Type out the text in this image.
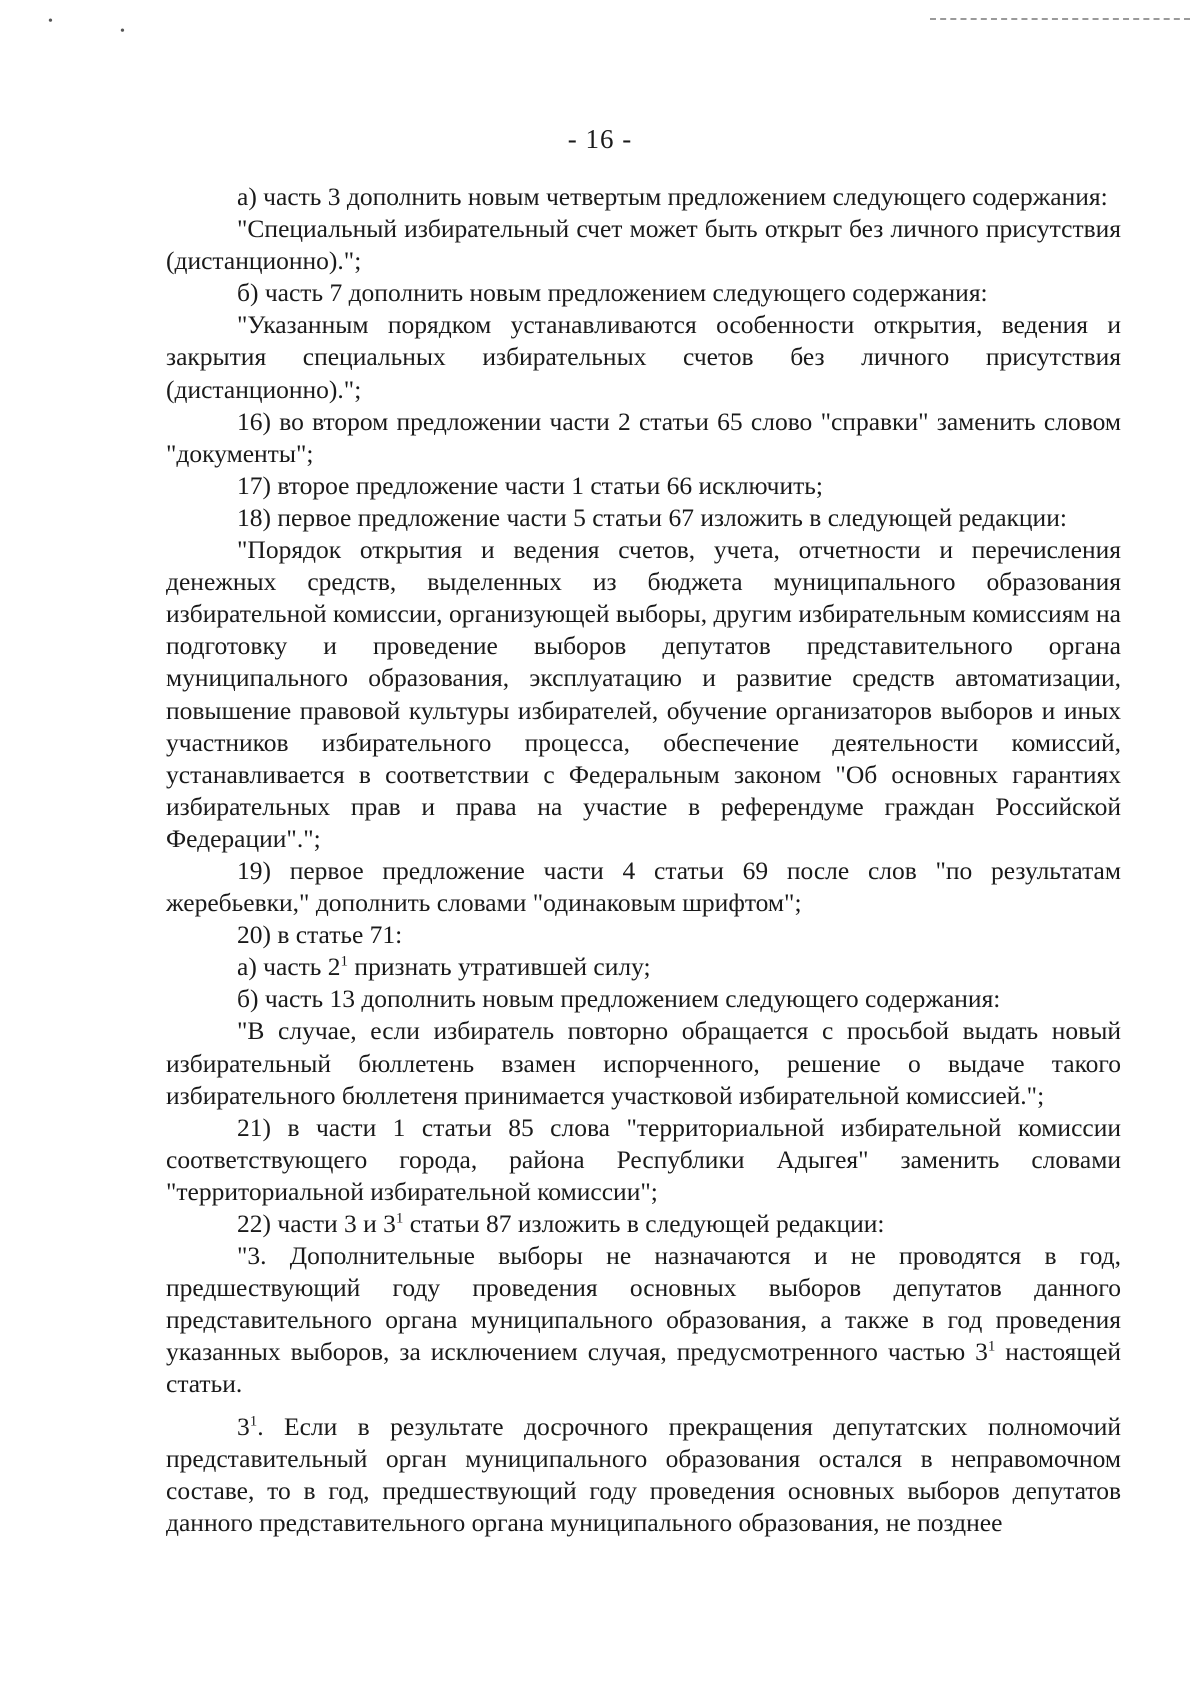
•
•
- 16 -

а) часть 3 дополнить новым четвертым предложением следующего содержания:

"Специальный избирательный счет может быть открыт без личного присутствия (дистанционно).";

б) часть 7 дополнить новым предложением следующего содержания:

"Указанным порядком устанавливаются особенности открытия, ведения и закрытия специальных избирательных счетов без личного присутствия (дистанционно).";

16) во втором предложении части 2 статьи 65 слово "справки" заменить словом "документы";

17) второе предложение части 1 статьи 66 исключить;

18) первое предложение части 5 статьи 67 изложить в следующей редакции:

"Порядок открытия и ведения счетов, учета, отчетности и перечисления денежных средств, выделенных из бюджета муниципального образования избирательной комиссии, организующей выборы, другим избирательным комиссиям на подготовку и проведение выборов депутатов представительного органа муниципального образования, эксплуатацию и развитие средств автоматизации, повышение правовой культуры избирателей, обучение организаторов выборов и иных участников избирательного процесса, обеспечение деятельности комиссий, устанавливается в соответствии с Федеральным законом "Об основных гарантиях избирательных прав и права на участие в референдуме граждан Российской Федерации".";

19) первое предложение части 4 статьи 69 после слов "по результатам жеребьевки," дополнить словами "одинаковым шрифтом";

20) в статье 71:

а) часть $2^1$ признать утратившей силу;

б) часть 13 дополнить новым предложением следующего содержания:

"В случае, если избиратель повторно обращается с просьбой выдать новый избирательный бюллетень взамен испорченного, решение о выдаче такого избирательного бюллетеня принимается участковой избирательной комиссией.";

21) в части 1 статьи 85 слова "территориальной избирательной комиссии соответствующего города, района Республики Адыгея" заменить словами "территориальной избирательной комиссии";

22) части 3 и $3^1$ статьи 87 изложить в следующей редакции:

"3. Дополнительные выборы не назначаются и не проводятся в год, предшествующий году проведения основных выборов депутатов данного представительного органа муниципального образования, а также в год проведения указанных выборов, за исключением случая, предусмотренного частью $3^1$ настоящей статьи.

$3^1$. Если в результате досрочного прекращения депутатских полномочий представительный орган муниципального образования остался в неправомочном составе, то в год, предшествующий году проведения основных выборов депутатов данного представительного органа муниципального образования, не позднее
